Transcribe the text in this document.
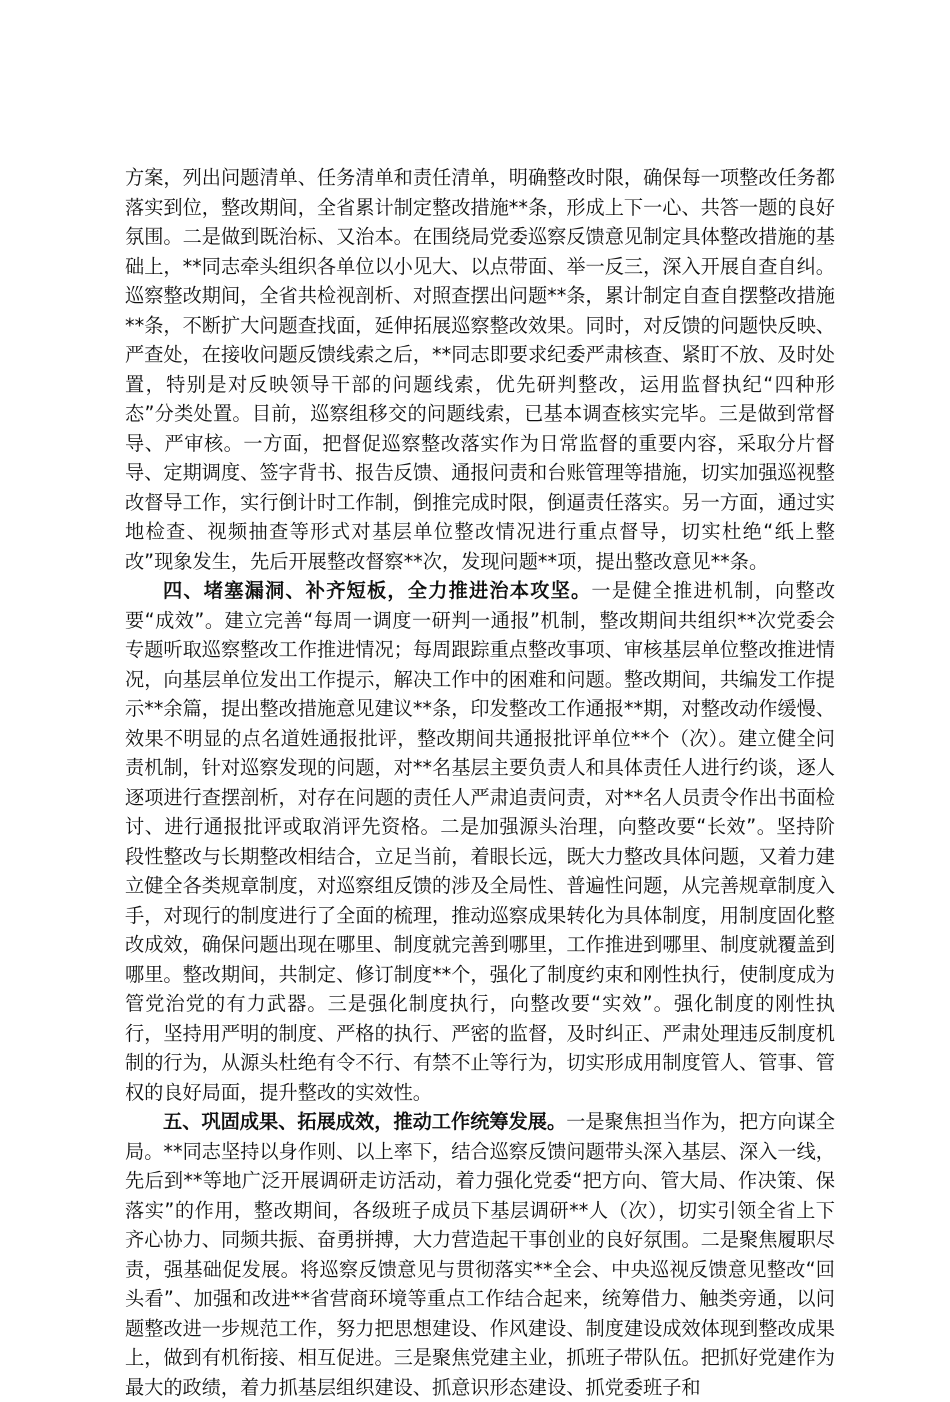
方案，列出问题清单、任务清单和责任清单，明确整改时限，确保每一项整改任务都落实到位，整改期间，全省累计制定整改措施**条，形成上下一心、共答一题的良好氛围。二是做到既治标、又治本。在围绕局党委巡察反馈意见制定具体整改措施的基础上，**同志牵头组织各单位以小见大、以点带面、举一反三，深入开展自查自纠。巡察整改期间，全省共检视剖析、对照查摆出问题**条，累计制定自查自摆整改措施**条，不断扩大问题查找面，延伸拓展巡察整改效果。同时，对反馈的问题快反映、严查处，在接收问题反馈线索之后，**同志即要求纪委严肃核查、紧盯不放、及时处置，特别是对反映领导干部的问题线索，优先研判整改，运用监督执纪“四种形态”分类处置。目前，巡察组移交的问题线索，已基本调查核实完毕。三是做到常督导、严审核。一方面，把督促巡察整改落实作为日常监督的重要内容，采取分片督导、定期调度、签字背书、报告反馈、通报问责和台账管理等措施，切实加强巡视整改督导工作，实行倒计时工作制，倒推完成时限，倒逼责任落实。另一方面，通过实地检查、视频抽查等形式对基层单位整改情况进行重点督导，切实杜绝“纸上整改”现象发生，先后开展整改督察**次，发现问题**项，提出整改意见**条。

四、堵塞漏洞、补齐短板，全力推进治本攻坚。一是健全推进机制，向整改要“成效”。建立完善“每周一调度一研判一通报”机制，整改期间共组织**次党委会专题听取巡察整改工作推进情况；每周跟踪重点整改事项、审核基层单位整改推进情况，向基层单位发出工作提示，解决工作中的困难和问题。整改期间，共编发工作提示**余篇，提出整改措施意见建议**条，印发整改工作通报**期，对整改动作缓慢、效果不明显的点名道姓通报批评，整改期间共通报批评单位**个（次）。建立健全问责机制，针对巡察发现的问题，对**名基层主要负责人和具体责任人进行约谈，逐人逐项进行查摆剖析，对存在问题的责任人严肃追责问责，对**名人员责令作出书面检讨、进行通报批评或取消评先资格。二是加强源头治理，向整改要“长效”。坚持阶段性整改与长期整改相结合，立足当前，着眼长远，既大力整改具体问题，又着力建立健全各类规章制度，对巡察组反馈的涉及全局性、普遍性问题，从完善规章制度入手，对现行的制度进行了全面的梳理，推动巡察成果转化为具体制度，用制度固化整改成效，确保问题出现在哪里、制度就完善到哪里，工作推进到哪里、制度就覆盖到哪里。整改期间，共制定、修订制度**个，强化了制度约束和刚性执行，使制度成为管党治党的有力武器。三是强化制度执行，向整改要“实效”。强化制度的刚性执行，坚持用严明的制度、严格的执行、严密的监督，及时纠正、严肃处理违反制度机制的行为，从源头杜绝有令不行、有禁不止等行为，切实形成用制度管人、管事、管权的良好局面，提升整改的实效性。

五、巩固成果、拓展成效，推动工作统筹发展。一是聚焦担当作为，把方向谋全局。**同志坚持以身作则、以上率下，结合巡察反馈问题带头深入基层、深入一线，先后到**等地广泛开展调研走访活动，着力强化党委“把方向、管大局、作决策、保落实”的作用，整改期间，各级班子成员下基层调研**人（次），切实引领全省上下齐心协力、同频共振、奋勇拼搏，大力营造起干事创业的良好氛围。二是聚焦履职尽责，强基础促发展。将巡察反馈意见与贯彻落实**全会、中央巡视反馈意见整改“回头看”、加强和改进**省营商环境等重点工作结合起来，统筹借力、触类旁通，以问题整改进一步规范工作，努力把思想建设、作风建设、制度建设成效体现到整改成果上，做到有机衔接、相互促进。三是聚焦党建主业，抓班子带队伍。把抓好党建作为最大的政绩，着力抓基层组织建设、抓意识形态建设、抓党委班子和
